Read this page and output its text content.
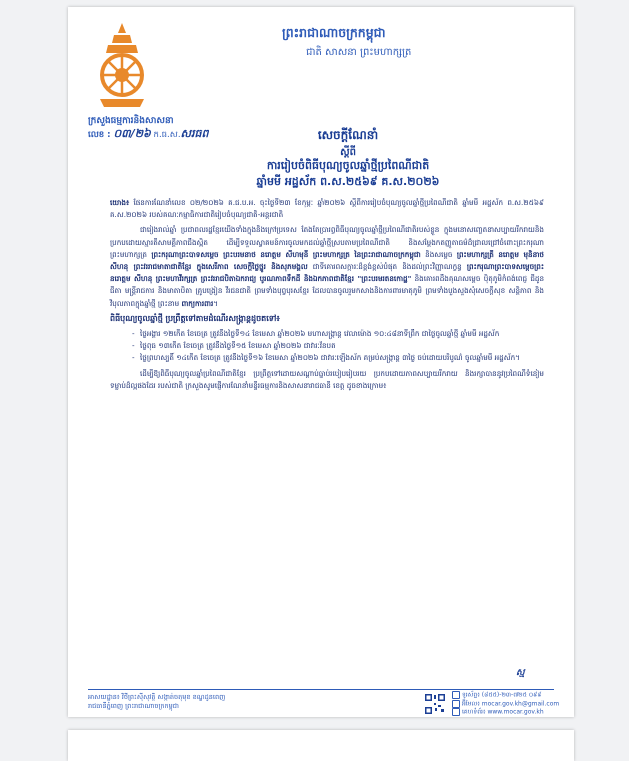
ព្រះរាជាណាចក្រកម្ពុជា
ជាតិ សាសនា ព្រះមហាក្សត្រ
ក្រសួងធម្មការនិងសាសនា
លេខ : ០៣/២៦ ក.ធ.ស.សរធព	សេចក្ដីណែនាំ
ស្ដីពី
ការរៀបចំពិធីបុណ្យចូលឆ្នាំថ្មីប្រពៃណីជាតិ
ឆ្នាំមមី អដ្ឋស័ក ព.ស.២៥៦៩ គ.ស.២០២៦

យោង៖ ផែនការណែនាំលេខ ០២/២០២៦ គ.ជ.ប.អ. ចុះថ្ងៃទី២៣ ខែកុម្ភៈ ឆ្នាំ២០២៦ ស្ដីពីការរៀបចំបុណ្យចូលឆ្នាំថ្មីប្រពៃណីជាតិ ឆ្នាំមមី អដ្ឋស័ក ព.ស.២៥៦៩ គ.ស.២០២៦ របស់គណៈកម្មាធិការជាតិរៀបចំបុណ្យជាតិ-អន្តរជាតិ

ជារៀងរាល់ឆ្នាំ ប្រជាពលរដ្ឋខ្មែរយើងទាំងក្នុងនិងក្រៅប្រទេស តែងតែប្រារព្ធពិធីបុណ្យចូលឆ្នាំថ្មីប្រពៃណីជាតិរបស់ខ្លួន ក្នុងមនោសញ្ចេតនាសប្បាយរីករាយនិងប្រកបដោយស្មារតីសាមគ្គីភាពជឹងស្អិត ដើម្បីទទួលស្វាគមន៍ការចូលមកដល់ឆ្នាំថ្មីស្របតាមប្រពៃណីជាតិ និងសម្ដែងកតញ្ញូតាធម៌ដ៏ជ្រាលជ្រៅចំពោះព្រះករុណា ព្រះមហាក្សត្រ ព្រះករុណាព្រះបាទសម្ដេច ព្រះបរមនាថ នរោត្ដម សីហមុនី ព្រះមហាក្សត្រ នៃព្រះរាជាណាចក្រកម្ពុជា និងសម្ដេច ព្រះមហាក្សត្រី នរោត្តម មុនិនាថ សីហនុ ព្រះវររាជមាតាជាតិខ្មែរ ក្នុងសេរីភាព សេចក្ដីថ្លៃថ្នូរ និងសុភមង្គល ជាទីគោរពសក្ការៈដ៏ខ្ពង់ខ្ពស់បំផុត និងដល់ព្រះវិញ្ញាណក្ខន្ធ ព្រះករុណាព្រះបាទសម្ដេចព្រះ នរោត្តម សីហនុ ព្រះមហាវីរក្សត្រ ព្រះវររាជបិតាឯករាជ្យ បូរណភាពទឹកដី និងឯកភាពជាតិខ្មែរ "ព្រះបរមរតនកោដ្ឋ" និងគោរពដឹងគុណសម្ដេច ប៉ិតុភូមិកំពង់ពេជ្ញ ជីដូនជីតា មន្រ្តីរាជការ និងមាតាបិតា គ្រូបង្រៀន វីរជនជាតិ ព្រមទាំងបុព្វបុរសខ្មែរ ដែលបានចូលរួមកសាងនិងការពារមាតុភូមិ ព្រមទាំងបួងសួងសុំសេចក្ដីសុខ សន្តិភាព និងវិបុលភាពក្នុងឆ្នាំថ្មី ព្រះនាម ពាក្យការពារ។

ពិធីបុណ្យចូលឆ្នាំថ្មី ប្រព្រឹត្តទៅតាមដំណើរសង្ក្រាន្តដូចតទៅ៖
- ថ្ងៃអង្គារ ១២កើត ខែចេត្រ ត្រូវនឹងថ្ងៃទី១៤ ខែមេសា ឆ្នាំ២០២៦ មហាសង្ក្រាន្ត វេលាម៉ោង ១០:៤៨នាទីព្រឹក ជាថ្ងៃចូលឆ្នាំថ្មី ឆ្នាំមមី អដ្ឋស័ក
- ថ្ងៃពុធ ១៣កើត ខែចេត្រ ត្រូវនឹងថ្ងៃទី១៥ ខែមេសា ឆ្នាំ២០២៦ ជាវារៈវ័នបត
- ថ្ងៃព្រហស្បតិ៍ ១៤កើត ខែចេត្រ ត្រូវនឹងថ្ងៃទី១៦ ខែមេសា ឆ្នាំ២០២៦ ជាវារៈឡើងស័ក គម្រប់សង្ក្រាន្ត ៣ថ្ងៃ ចប់ដោយបរិបូណ៌ ចូលឆ្នាំមមី អដ្ឋស័ក។

ដើម្បីឱ្យពិធីបុណ្យចូលឆ្នាំប្រពៃណីជាតិខ្មែរ ប្រព្រឹត្តទៅដោយសណ្ដាប់ធ្នាប់របៀបរៀបរយ ប្រកបដោយភាពសប្បាយរីករាយ និងរក្សាបាននូវប្រពៃណីទំនៀមទម្លាប់ដ៏ល្អផងដែរ របស់ជាតិ ក្រសួងសូមផ្ញើការណែនាំមន្ទីរធម្មការនិងសាសនារាជធានី ខេត្ត ដូចខាងក្រោម៖

ស្ម
អាសយដ្ឋាន៖ វិថីព្រះស៊ីសុវត្ថិ សង្កាត់ចតុមុខ ខណ្ឌដូនពេញ
រាជធានីភ្នំពេញ ព្រះរាជាណាចក្រកម្ពុជា
ទូរស័ព្ទ៖ (៨៥៥)-២៣-៧២៥ ០៩៩
អ៊ីមែល៖ mocar.gov.kh@gmail.com
គេហទំព័រ៖ www.mocar.gov.kh
